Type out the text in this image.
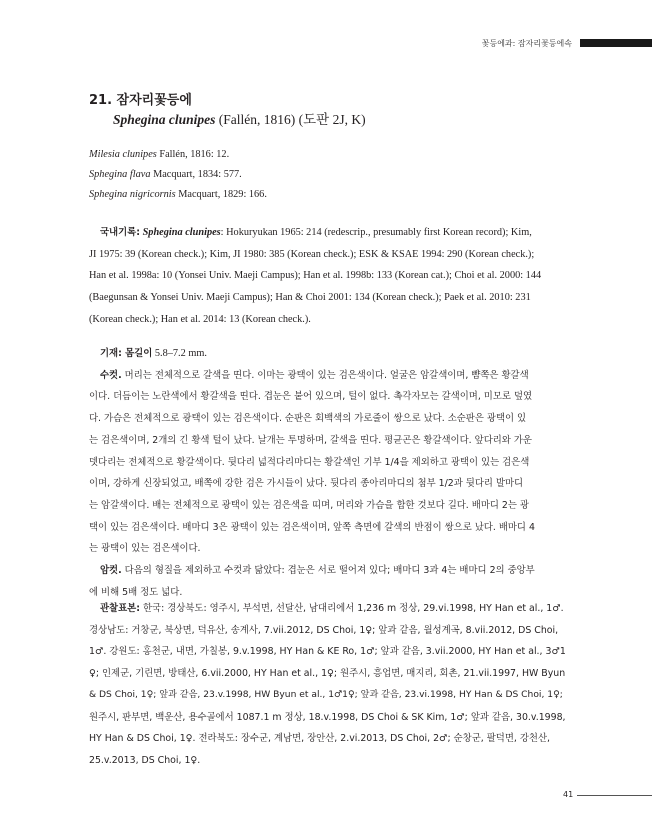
꽃등에과: 잠자리꽃등에속
21. 잠자리꽃등에
Sphegina clunipes (Fallén, 1816) (도판 2J, K)
Milesia clunipes Fallén, 1816: 12.
Sphegina flava Macquart, 1834: 577.
Sphegina nigricornis Macquart, 1829: 166.
국내기록: Sphegina clunipes: Hokuryukan 1965: 214 (redescrip., presumably first Korean record); Kim,
JI 1975: 39 (Korean check.); Kim, JI 1980: 385 (Korean check.); ESK & KSAE 1994: 290 (Korean check.);
Han et al. 1998a: 10 (Yonsei Univ. Maeji Campus); Han et al. 1998b: 133 (Korean cat.); Choi et al. 2000: 144
(Baegunsan & Yonsei Univ. Maeji Campus); Han & Choi 2001: 134 (Korean check.); Paek et al. 2010: 231
(Korean check.); Han et al. 2014: 13 (Korean check.).
기재: 몸길이 5.8–7.2 mm.
수컷. 머리는 전체적으로 갈색을 띤다. 이마는 광택이 있는 검은색이다. 얼굴은 암갈색이며, 뺨쪽은 황갈색
이다. 더듬이는 노란색에서 황갈색을 띤다. 겹눈은 붙어 있으며, 털이 없다. 촉각자모는 갈색이며, 미모로 덮였
다. 가슴은 전체적으로 광택이 있는 검은색이다. 순판은 회백색의 가로줄이 쌍으로 났다. 소순판은 광택이 있
는 검은색이며, 2개의 긴 황색 털이 났다. 날개는 투명하며, 갈색을 띤다. 평균곤은 황갈색이다. 앞다리와 가운
뎃다리는 전체적으로 황갈색이다. 뒷다리 넓적다리마디는 황갈색인 기부 1/4을 제외하고 광택이 있는 검은색
이며, 강하게 신장되었고, 배쪽에 강한 검은 가시들이 났다. 뒷다리 종아리마디의 첨부 1/2과 뒷다리 발마디
는 암갈색이다. 배는 전체적으로 광택이 있는 검은색을 띠며, 머리와 가슴을 합한 것보다 길다. 배마디 2는 광
택이 있는 검은색이다. 배마디 3은 광택이 있는 검은색이며, 앞쪽 측면에 갈색의 반점이 쌍으로 났다. 배마디 4
는 광택이 있는 검은색이다.
암컷. 다음의 형질을 제외하고 수컷과 닮았다: 겹눈은 서로 떨어져 있다; 배마디 3과 4는 배마디 2의 중앙부
에 비해 5배 정도 넓다.
관찰표본: 한국: 경상북도: 영주시, 부석면, 선달산, 남대리에서 1,236 m 정상, 29.vi.1998, HY Han et al., 1♂.
경상남도: 거창군, 북상면, 덕유산, 송계사, 7.vii.2012, DS Choi, 1♀; 앞과 같음, 월성계곡, 8.vii.2012, DS Choi,
1♂. 강원도: 홍천군, 내면, 가칠봉, 9.v.1998, HY Han & KE Ro, 1♂; 앞과 같음, 3.vii.2000, HY Han et al., 3♂1
♀; 인제군, 기린면, 방태산, 6.vii.2000, HY Han et al., 1♀; 원주시, 흥업면, 매지리, 회촌, 21.vii.1997, HW Byun
& DS Choi, 1♀; 앞과 같음, 23.v.1998, HW Byun et al., 1♂1♀; 앞과 같음, 23.vi.1998, HY Han & DS Choi, 1♀;
원주시, 판부면, 백운산, 용수골에서 1087.1 m 정상, 18.v.1998, DS Choi & SK Kim, 1♂; 앞과 같음, 30.v.1998,
HY Han & DS Choi, 1♀. 전라북도: 장수군, 계남면, 장안산, 2.vi.2013, DS Choi, 2♂; 순창군, 팔덕면, 강천산,
25.v.2013, DS Choi, 1♀.
41
